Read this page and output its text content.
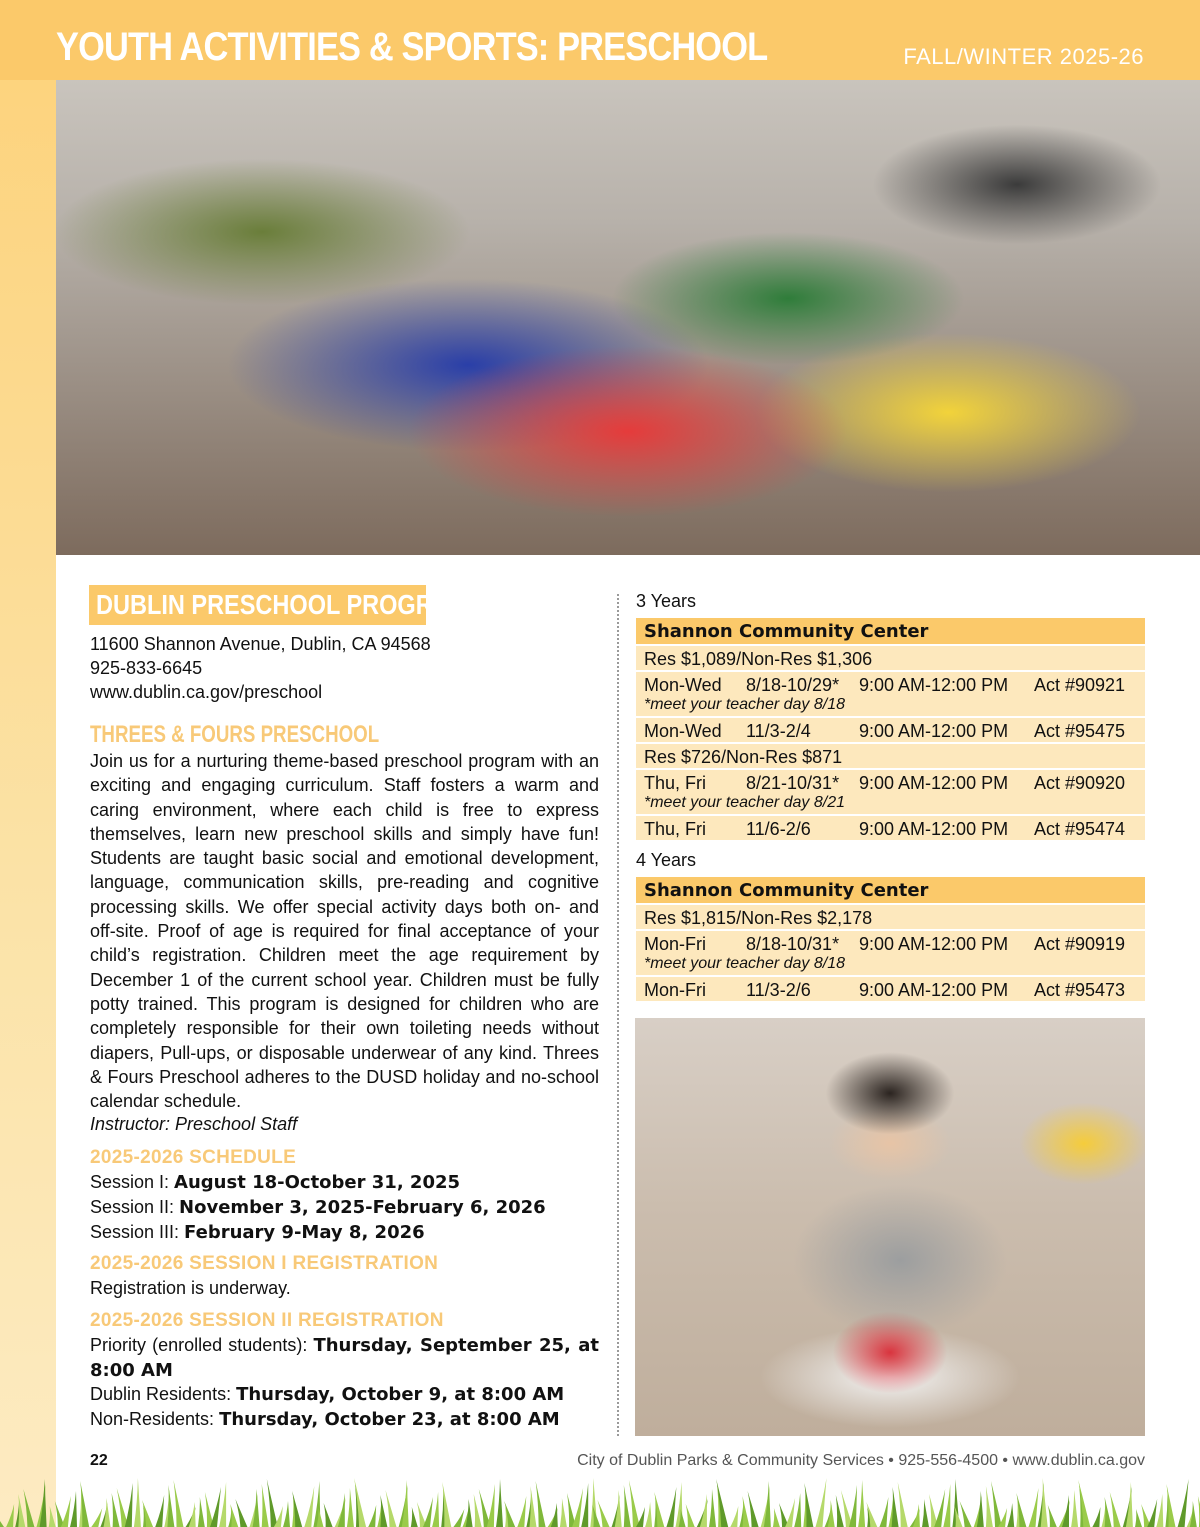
YOUTH ACTIVITIES & SPORTS: PRESCHOOL	FALL/WINTER 2025-26
DUBLIN PRESCHOOL PROGRAMS
11600 Shannon Avenue, Dublin, CA 94568
925-833-6645
www.dublin.ca.gov/preschool
THREES & FOURS PRESCHOOL
Join us for a nurturing theme-based preschool program with an exciting and engaging curriculum. Staff fosters a warm and caring environment, where each child is free to express themselves, learn new preschool skills and simply have fun! Students are taught basic social and emotional development, language, communication skills, pre-reading and cognitive processing skills. We offer special activity days both on- and off-site. Proof of age is required for final acceptance of your child’s registration. Children meet the age requirement by December 1 of the current school year. Children must be fully potty trained. This program is designed for children who are completely responsible for their own toileting needs without diapers, Pull-ups, or disposable underwear of any kind. Threes & Fours Preschool adheres to the DUSD holiday and no-school calendar schedule.
Instructor: Preschool Staff
2025-2026 SCHEDULE
Session I: August 18-October 31, 2025
Session II: November 3, 2025-February 6, 2026
Session III: February 9-May 8, 2026
2025-2026 SESSION I REGISTRATION
Registration is underway.
2025-2026 SESSION II REGISTRATION
Priority (enrolled students): Thursday, September 25, at 8:00 AM
Dublin Residents: Thursday, October 9, at 8:00 AM
Non-Residents: Thursday, October 23, at 8:00 AM
3 Years
Shannon Community Center
Res $1,089/Non-Res $1,306
Mon-Wed 8/18-10/29* 9:00 AM-12:00 PM Act #90921
*meet your teacher day 8/18
Mon-Wed 11/3-2/4	9:00 AM-12:00 PM Act #95475
Res $726/Non-Res $871
Thu, Fri 8/21-10/31* 9:00 AM-12:00 PM Act #90920
*meet your teacher day 8/21
Thu, Fri 11/6-2/6	9:00 AM-12:00 PM Act #95474
4 Years
Shannon Community Center
Res $1,815/Non-Res $2,178
Mon-Fri 8/18-10/31* 9:00 AM-12:00 PM Act #90919
*meet your teacher day 8/18
Mon-Fri 11/3-2/6	9:00 AM-12:00 PM Act #95473
22	City of Dublin Parks & Community Services • 925-556-4500 • www.dublin.ca.gov
